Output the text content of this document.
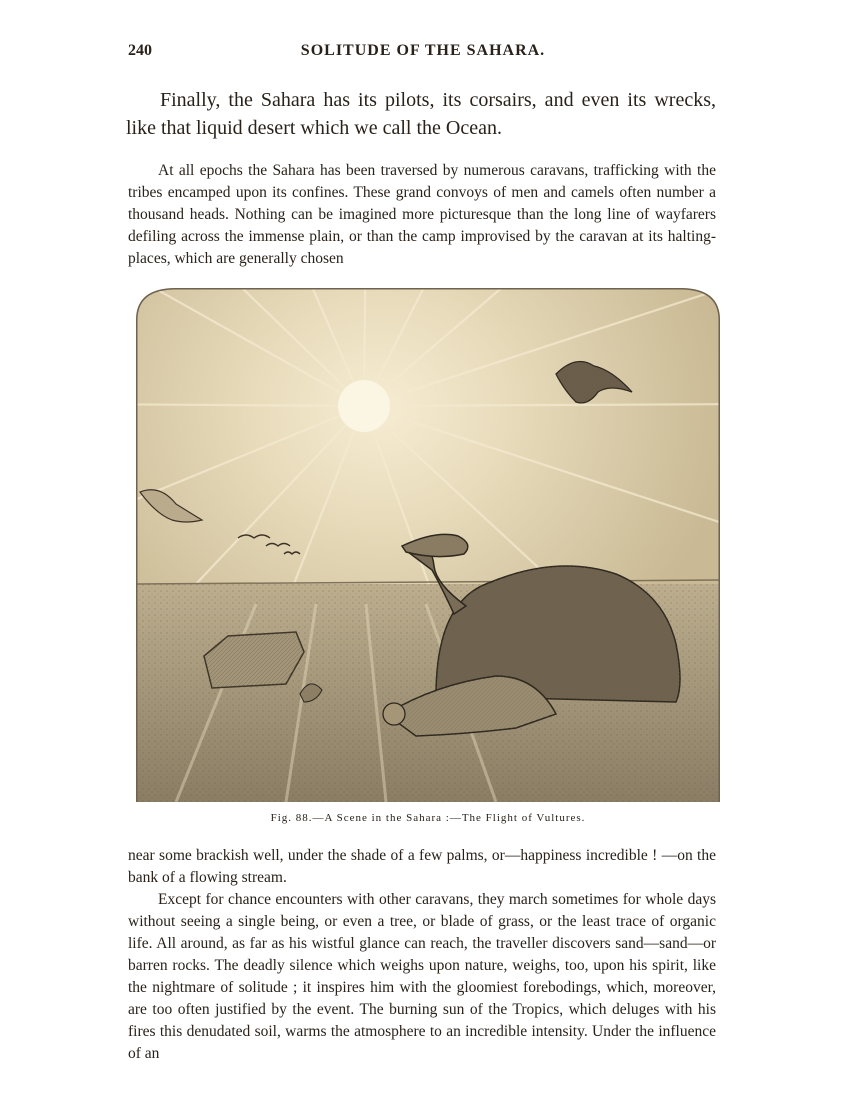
240	SOLITUDE OF THE SAHARA.

Finally, the Sahara has its pilots, its corsairs, and even its wrecks, like that liquid desert which we call the Ocean.

At all epochs the Sahara has been traversed by numerous caravans, trafficking with the tribes encamped upon its confines. These grand convoys of men and camels often number a thousand heads. Nothing can be imagined more picturesque than the long line of wayfarers defiling across the immense plain, or than the camp improvised by the caravan at its halting-places, which are generally chosen

Fig. 88.—A Scene in the Sahara :—The Flight of Vultures.

near some brackish well, under the shade of a few palms, or—happiness incredible ! —on the bank of a flowing stream.

Except for chance encounters with other caravans, they march sometimes for whole days without seeing a single being, or even a tree, or blade of grass, or the least trace of organic life. All around, as far as his wistful glance can reach, the traveller discovers sand—sand—or barren rocks. The deadly silence which weighs upon nature, weighs, too, upon his spirit, like the nightmare of solitude ; it inspires him with the gloomiest forebodings, which, moreover, are too often justified by the event. The burning sun of the Tropics, which deluges with his fires this denudated soil, warms the atmosphere to an incredible intensity. Under the influence of an
